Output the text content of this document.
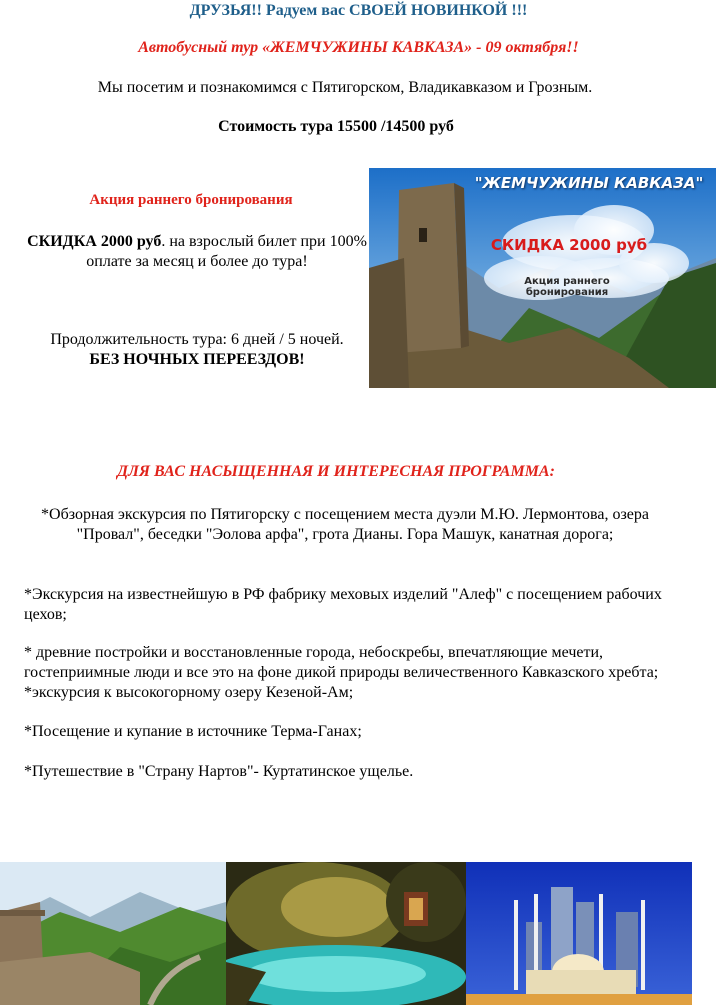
ДРУЗЬЯ!! Радуем вас СВОЕЙ НОВИНКОЙ !!!
Автобусный тур «ЖЕМЧУЖИНЫ КАВКАЗА» - 09 октября!!
Мы посетим и познакомимся с Пятигорском, Владикавказом и Грозным.
Стоимость тура 15500 /14500 руб
Акция раннего бронирования
СКИДКА 2000 руб. на взрослый билет при 100% оплате за месяц и более до тура!
Продолжительность тура: 6 дней / 5 ночей.
БЕЗ НОЧНЫХ ПЕРЕЕЗДОВ!
"ЖЕМЧУЖИНЫ КАВКАЗА"
СКИДКА 2000 руб
Акция раннего бронирования
ДЛЯ ВАС НАСЫЩЕННАЯ И ИНТЕРЕСНАЯ ПРОГРАММА:
*Обзорная экскурсия по Пятигорску с посещением места дуэли М.Ю. Лермонтова, озера "Провал", беседки "Эолова арфа", грота Дианы. Гора Машук, канатная дорога;
*Экскурсия на известнейшую в РФ фабрику меховых изделий "Алеф" с посещением рабочих цехов;
* древние постройки и восстановленные города, небоскребы, впечатляющие мечети, гостеприимные люди и все это на фоне дикой природы величественного Кавказского хребта; *экскурсия к высокогорному озеру Кезеной-Ам;
*Посещение и купание в источнике Терма-Ганах;
*Путешествие в "Страну Нартов"- Куртатинское ущелье.
